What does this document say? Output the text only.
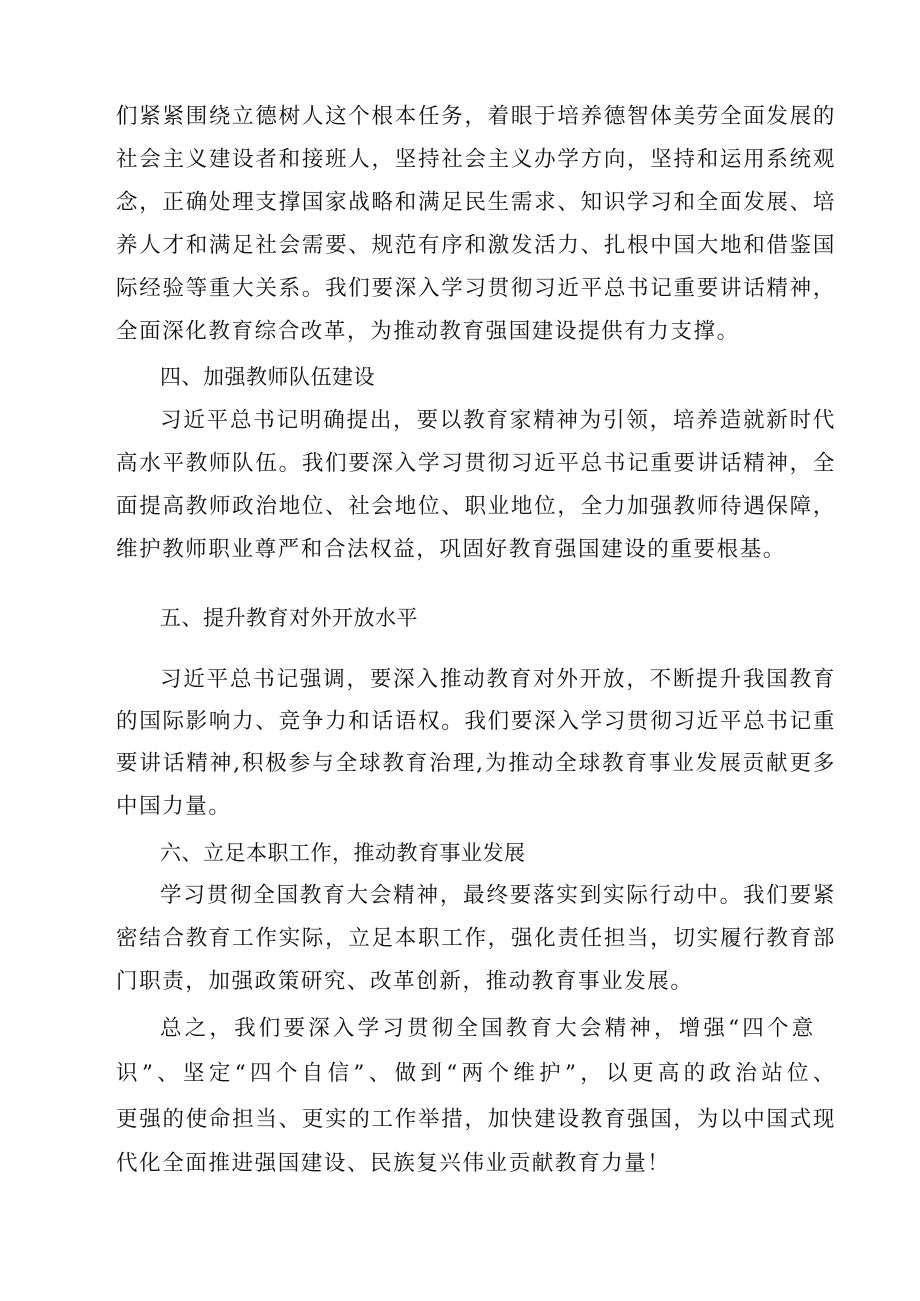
们紧紧围绕立德树人这个根本任务，着眼于培养德智体美劳全面发展的
社会主义建设者和接班人，坚持社会主义办学方向，坚持和运用系统观
念，正确处理支撑国家战略和满足民生需求、知识学习和全面发展、培
养人才和满足社会需要、规范有序和激发活力、扎根中国大地和借鉴国
际经验等重大关系。我们要深入学习贯彻习近平总书记重要讲话精神，
全面深化教育综合改革，为推动教育强国建设提供有力支撑。
四、加强教师队伍建设
习近平总书记明确提出，要以教育家精神为引领，培养造就新时代
高水平教师队伍。我们要深入学习贯彻习近平总书记重要讲话精神，全
面提高教师政治地位、社会地位、职业地位，全力加强教师待遇保障，
维护教师职业尊严和合法权益，巩固好教育强国建设的重要根基。
五、提升教育对外开放水平
习近平总书记强调，要深入推动教育对外开放，不断提升我国教育
的国际影响力、竞争力和话语权。我们要深入学习贯彻习近平总书记重
要讲话精神,积极参与全球教育治理,为推动全球教育事业发展贡献更多
中国力量。
六、立足本职工作，推动教育事业发展
学习贯彻全国教育大会精神，最终要落实到实际行动中。我们要紧
密结合教育工作实际，立足本职工作，强化责任担当，切实履行教育部
门职责，加强政策研究、改革创新，推动教育事业发展。
总之，我们要深入学习贯彻全国教育大会精神，增强“四个意
识”、坚定“四个自信”、做到“两个维护”，以更高的政治站位、
更强的使命担当、更实的工作举措，加快建设教育强国，为以中国式现
代化全面推进强国建设、民族复兴伟业贡献教育力量！
